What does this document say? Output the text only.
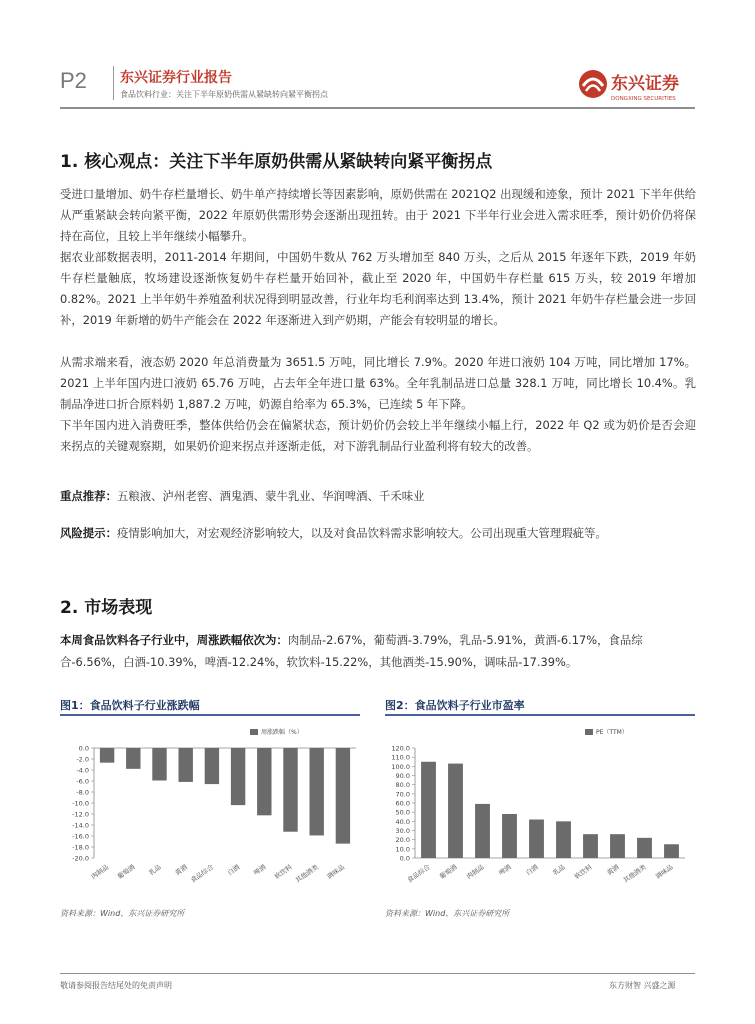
P2 东兴证券行业报告
食品饮料行业：关注下半年原奶供需从紧缺转向紧平衡拐点
东兴证券
DONGXING SECURITIES
1. 核心观点：关注下半年原奶供需从紧缺转向紧平衡拐点
受进口量增加、奶牛存栏量增长、奶牛单产持续增长等因素影响，原奶供需在 2021Q2 出现缓和迹象，预计 2021 下半年供给从严重紧缺会转向紧平衡，2022 年原奶供需形势会逐渐出现扭转。由于 2021 下半年行业会进入需求旺季，预计奶价仍将保持在高位，且较上半年继续小幅攀升。
据农业部数据表明，2011-2014 年期间，中国奶牛数从 762 万头增加至 840 万头，之后从 2015 年逐年下跌，2019 年奶牛存栏量触底，牧场建设逐渐恢复奶牛存栏量开始回补，截止至 2020 年，中国奶牛存栏量 615 万头，较 2019 年增加 0.82%。2021 上半年奶牛养殖盈利状况得到明显改善，行业年均毛利润率达到 13.4%，预计 2021 年奶牛存栏量会进一步回补，2019 年新增的奶牛产能会在 2022 年逐渐进入到产奶期，产能会有较明显的增长。
从需求端来看，液态奶 2020 年总消费量为 3651.5 万吨，同比增长 7.9%。2020 年进口液奶 104 万吨，同比增加 17%。2021 上半年国内进口液奶 65.76 万吨，占去年全年进口量 63%。全年乳制品进口总量 328.1 万吨，同比增长 10.4%。乳制品净进口折合原料奶 1,887.2 万吨，奶源自给率为 65.3%，已连续 5 年下降。
下半年国内进入消费旺季，整体供给仍会在偏紧状态，预计奶价仍会较上半年继续小幅上行，2022 年 Q2 或为奶价是否会迎来拐点的关键观察期，如果奶价迎来拐点并逐渐走低，对下游乳制品行业盈利将有较大的改善。
重点推荐：五粮液、泸州老窖、酒鬼酒、蒙牛乳业、华润啤酒、千禾味业
风险提示：疫情影响加大，对宏观经济影响较大，以及对食品饮料需求影响较大。公司出现重大管理瑕疵等。
2. 市场表现
本周食品饮料各子行业中，周涨跌幅依次为：肉制品-2.67%，葡萄酒-3.79%，乳品-5.91%，黄酒-6.17%，食品综
合-6.56%，白酒-10.39%，啤酒-12.24%，软饮料-15.22%，其他酒类-15.90%，调味品-17.39%。
图1：食品饮料子行业涨跌幅
0.0
-2.0
-4.0
-6.0
-8.0
-10.0
-12.0
-14.0
-16.0
-18.0
-20.0
肉制品 葡萄酒 乳品 黄酒 食品综合 白酒 啤酒 软饮料 其他酒类 调味品
周涨跌幅（%）
资料来源：Wind、东兴证券研究所
图2：食品饮料子行业市盈率
0.0
10.0
20.0
30.0
40.0
50.0
60.0
70.0
80.0
90.0
100.0
110.0
120.0
食品综合 葡萄酒 肉制品 啤酒 白酒 乳品 软饮料 黄酒 其他酒类 调味品
PE（TTM）
资料来源：Wind、东兴证券研究所
敬请参阅报告结尾处的免责声明	东方财智 兴盛之源
